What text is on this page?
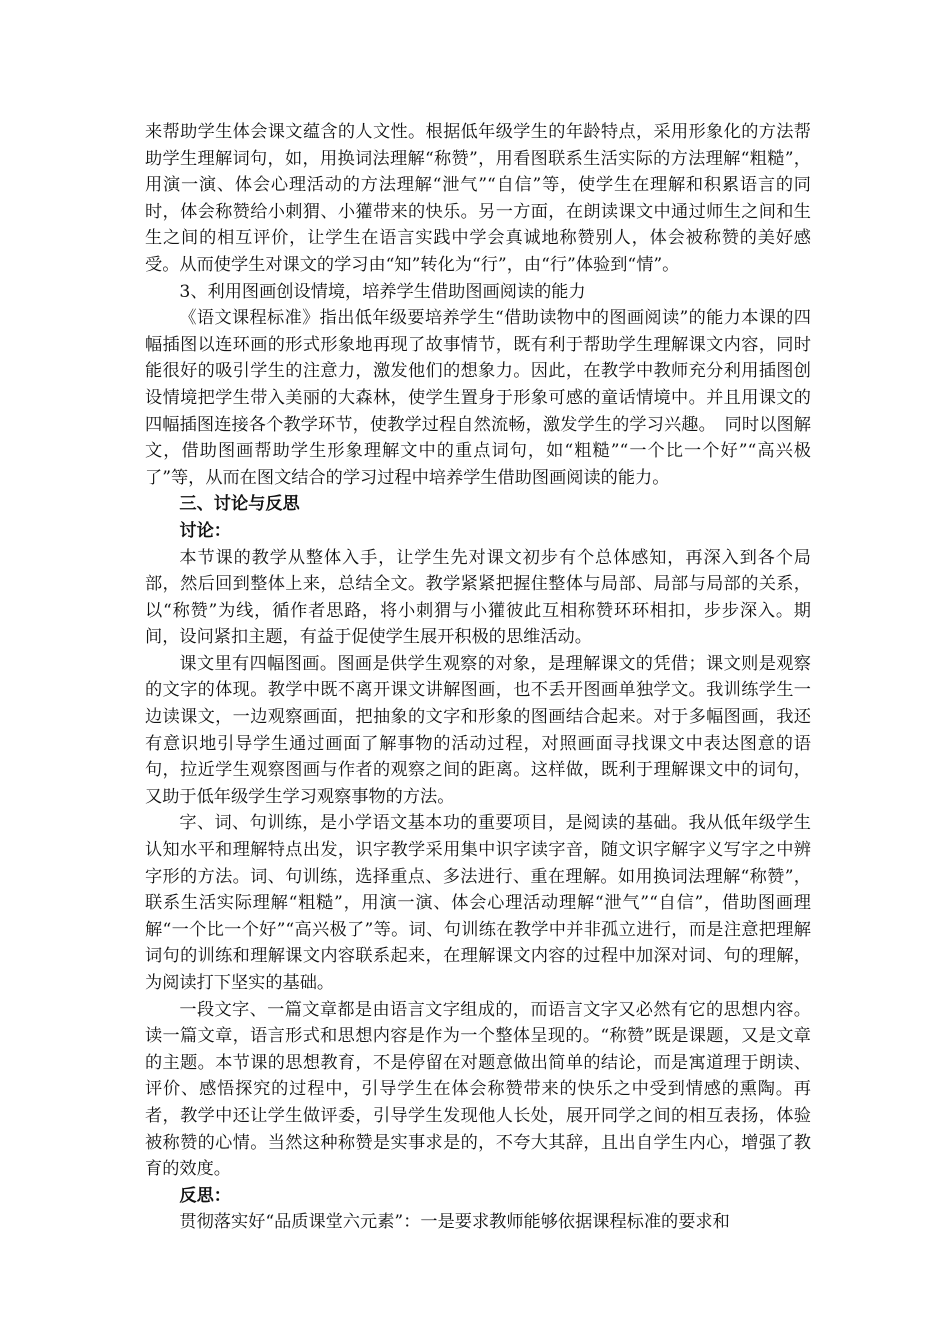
来帮助学生体会课文蕴含的人文性。根据低年级学生的年龄特点，采用形象化的方法帮助学生理解词句，如，用换词法理解“称赞”，用看图联系生活实际的方法理解“粗糙”，用演一演、体会心理活动的方法理解“泄气”“自信”等，使学生在理解和积累语言的同时，体会称赞给小刺猬、小獾带来的快乐。另一方面，在朗读课文中通过师生之间和生生之间的相互评价，让学生在语言实践中学会真诚地称赞别人，体会被称赞的美好感受。从而使学生对课文的学习由“知”转化为“行”，由“行”体验到“情”。

3、利用图画创设情境，培养学生借助图画阅读的能力

《语文课程标准》指出低年级要培养学生“借助读物中的图画阅读”的能力本课的四幅插图以连环画的形式形象地再现了故事情节，既有利于帮助学生理解课文内容，同时能很好的吸引学生的注意力，激发他们的想象力。因此，在教学中教师充分利用插图创设情境把学生带入美丽的大森林，使学生置身于形象可感的童话情境中。并且用课文的四幅插图连接各个教学环节，使教学过程自然流畅，激发学生的学习兴趣。　同时以图解文，借助图画帮助学生形象理解文中的重点词句，如“粗糙”“一个比一个好”“高兴极了”等，从而在图文结合的学习过程中培养学生借助图画阅读的能力。

三、讨论与反思

讨论：

本节课的教学从整体入手，让学生先对课文初步有个总体感知，再深入到各个局部，然后回到整体上来，总结全文。教学紧紧把握住整体与局部、局部与局部的关系，以“称赞”为线，循作者思路，将小刺猬与小獾彼此互相称赞环环相扣，步步深入。期间，设问紧扣主题，有益于促使学生展开积极的思维活动。

课文里有四幅图画。图画是供学生观察的对象，是理解课文的凭借；课文则是观察的文字的体现。教学中既不离开课文讲解图画，也不丢开图画单独学文。我训练学生一边读课文，一边观察画面，把抽象的文字和形象的图画结合起来。对于多幅图画，我还有意识地引导学生通过画面了解事物的活动过程，对照画面寻找课文中表达图意的语句，拉近学生观察图画与作者的观察之间的距离。这样做，既利于理解课文中的词句，又助于低年级学生学习观察事物的方法。

字、词、句训练，是小学语文基本功的重要项目，是阅读的基础。我从低年级学生认知水平和理解特点出发，识字教学采用集中识字读字音，随文识字解字义写字之中辨字形的方法。词、句训练，选择重点、多法进行、重在理解。如用换词法理解“称赞”，联系生活实际理解“粗糙”，用演一演、体会心理活动理解“泄气”“自信”，借助图画理解“一个比一个好”“高兴极了”等。词、句训练在教学中并非孤立进行，而是注意把理解词句的训练和理解课文内容联系起来，在理解课文内容的过程中加深对词、句的理解，为阅读打下坚实的基础。

一段文字、一篇文章都是由语言文字组成的，而语言文字又必然有它的思想内容。读一篇文章，语言形式和思想内容是作为一个整体呈现的。“称赞”既是课题，又是文章的主题。本节课的思想教育，不是停留在对题意做出简单的结论，而是寓道理于朗读、评价、感悟探究的过程中，引导学生在体会称赞带来的快乐之中受到情感的熏陶。再者，教学中还让学生做评委，引导学生发现他人长处，展开同学之间的相互表扬，体验被称赞的心情。当然这种称赞是实事求是的，不夸大其辞，且出自学生内心，增强了教育的效度。

反思：

贯彻落实好“品质课堂六元素”：一是要求教师能够依据课程标准的要求和
